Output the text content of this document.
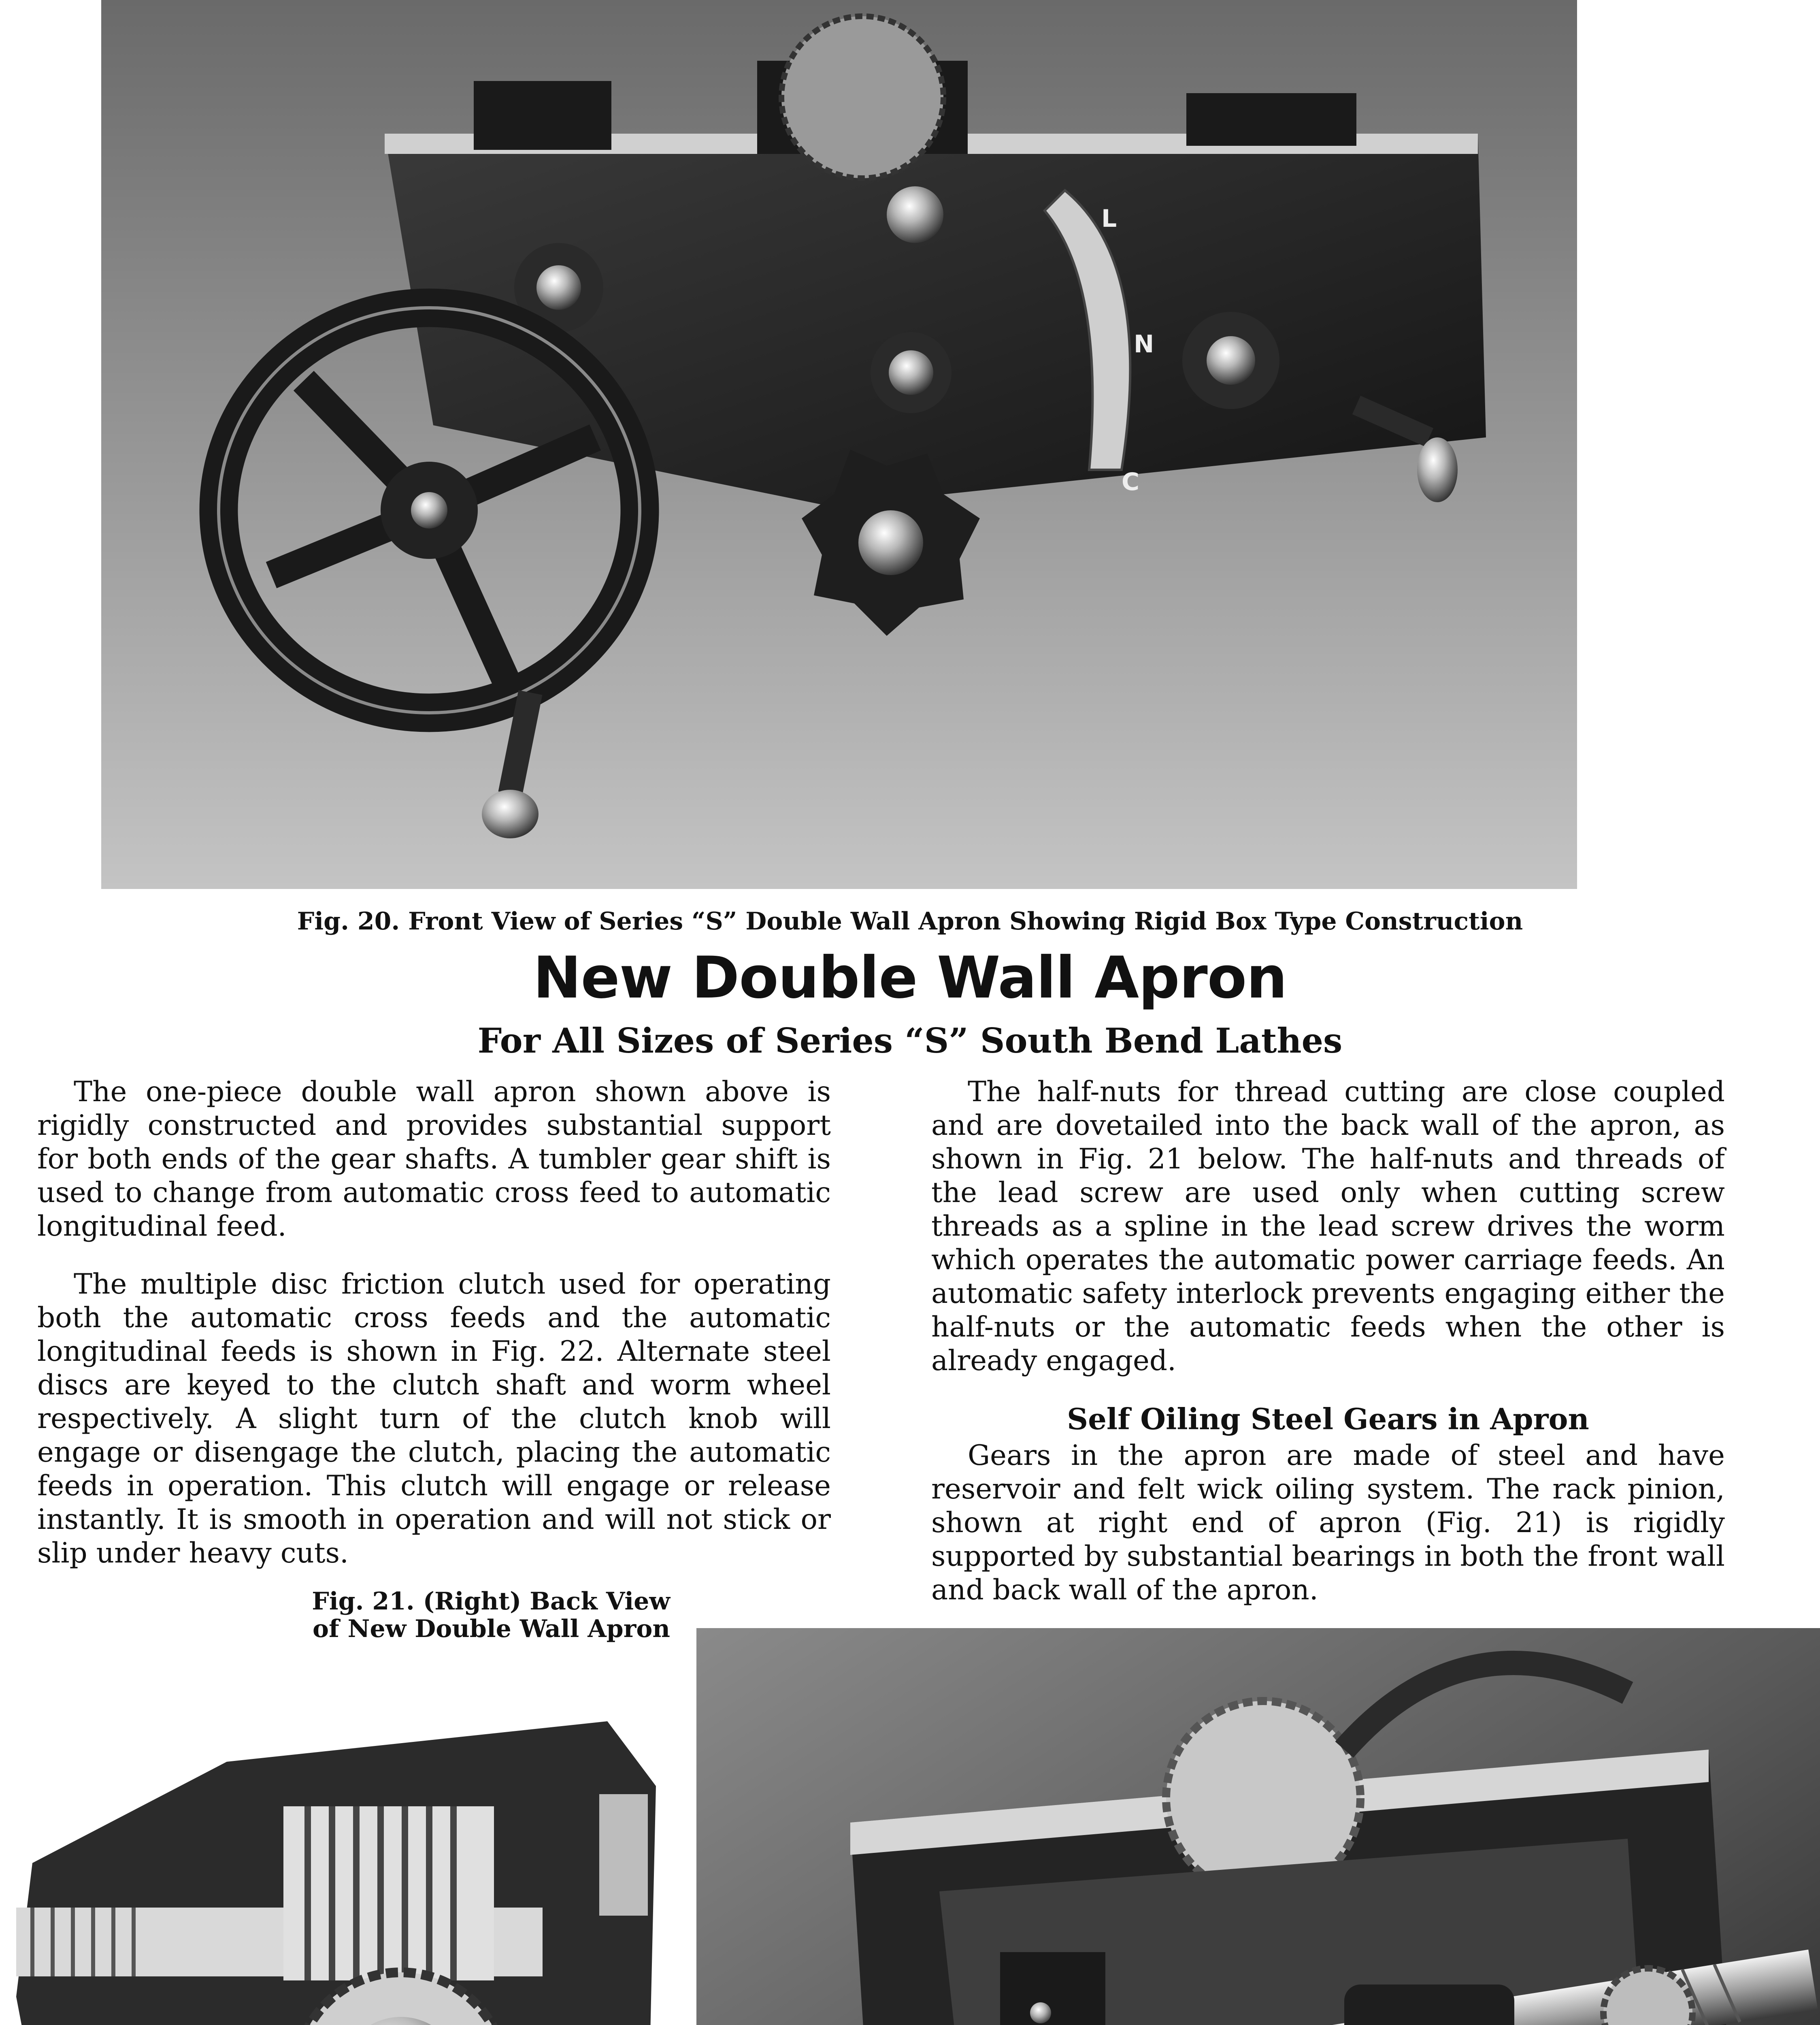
L
N
C
Fig. 20. Front View of Series “S” Double Wall Apron Showing Rigid Box Type Construction
New Double Wall Apron
For All Sizes of Series “S” South Bend Lathes

The one-piece double wall apron shown above is rigidly constructed and provides substantial support for both ends of the gear shafts. A tumbler gear shift is used to change from automatic cross feed to automatic longitudinal feed.

The multiple disc friction clutch used for operating both the automatic cross feeds and the automatic longitudinal feeds is shown in Fig. 22. Alternate steel discs are keyed to the clutch shaft and worm wheel respectively. A slight turn of the clutch knob will engage or disengage the clutch, placing the automatic feeds in operation. This clutch will engage or release instantly. It is smooth in operation and will not stick or slip under heavy cuts.

The half-nuts for thread cutting are close coupled and are dovetailed into the back wall of the apron, as shown in Fig. 21 below. The half-nuts and threads of the lead screw are used only when cutting screw threads as a spline in the lead screw drives the worm which operates the automatic power carriage feeds. An automatic safety interlock prevents engaging either the half-nuts or the automatic feeds when the other is already engaged.

Self Oiling Steel Gears in Apron

Gears in the apron are made of steel and have reservoir and felt wick oiling system. The rack pinion, shown at right end of apron (Fig. 21) is rigidly supported by substantial bearings in both the front wall and back wall of the apron.

Fig. 21. (Right) Back View of New Double Wall Apron
